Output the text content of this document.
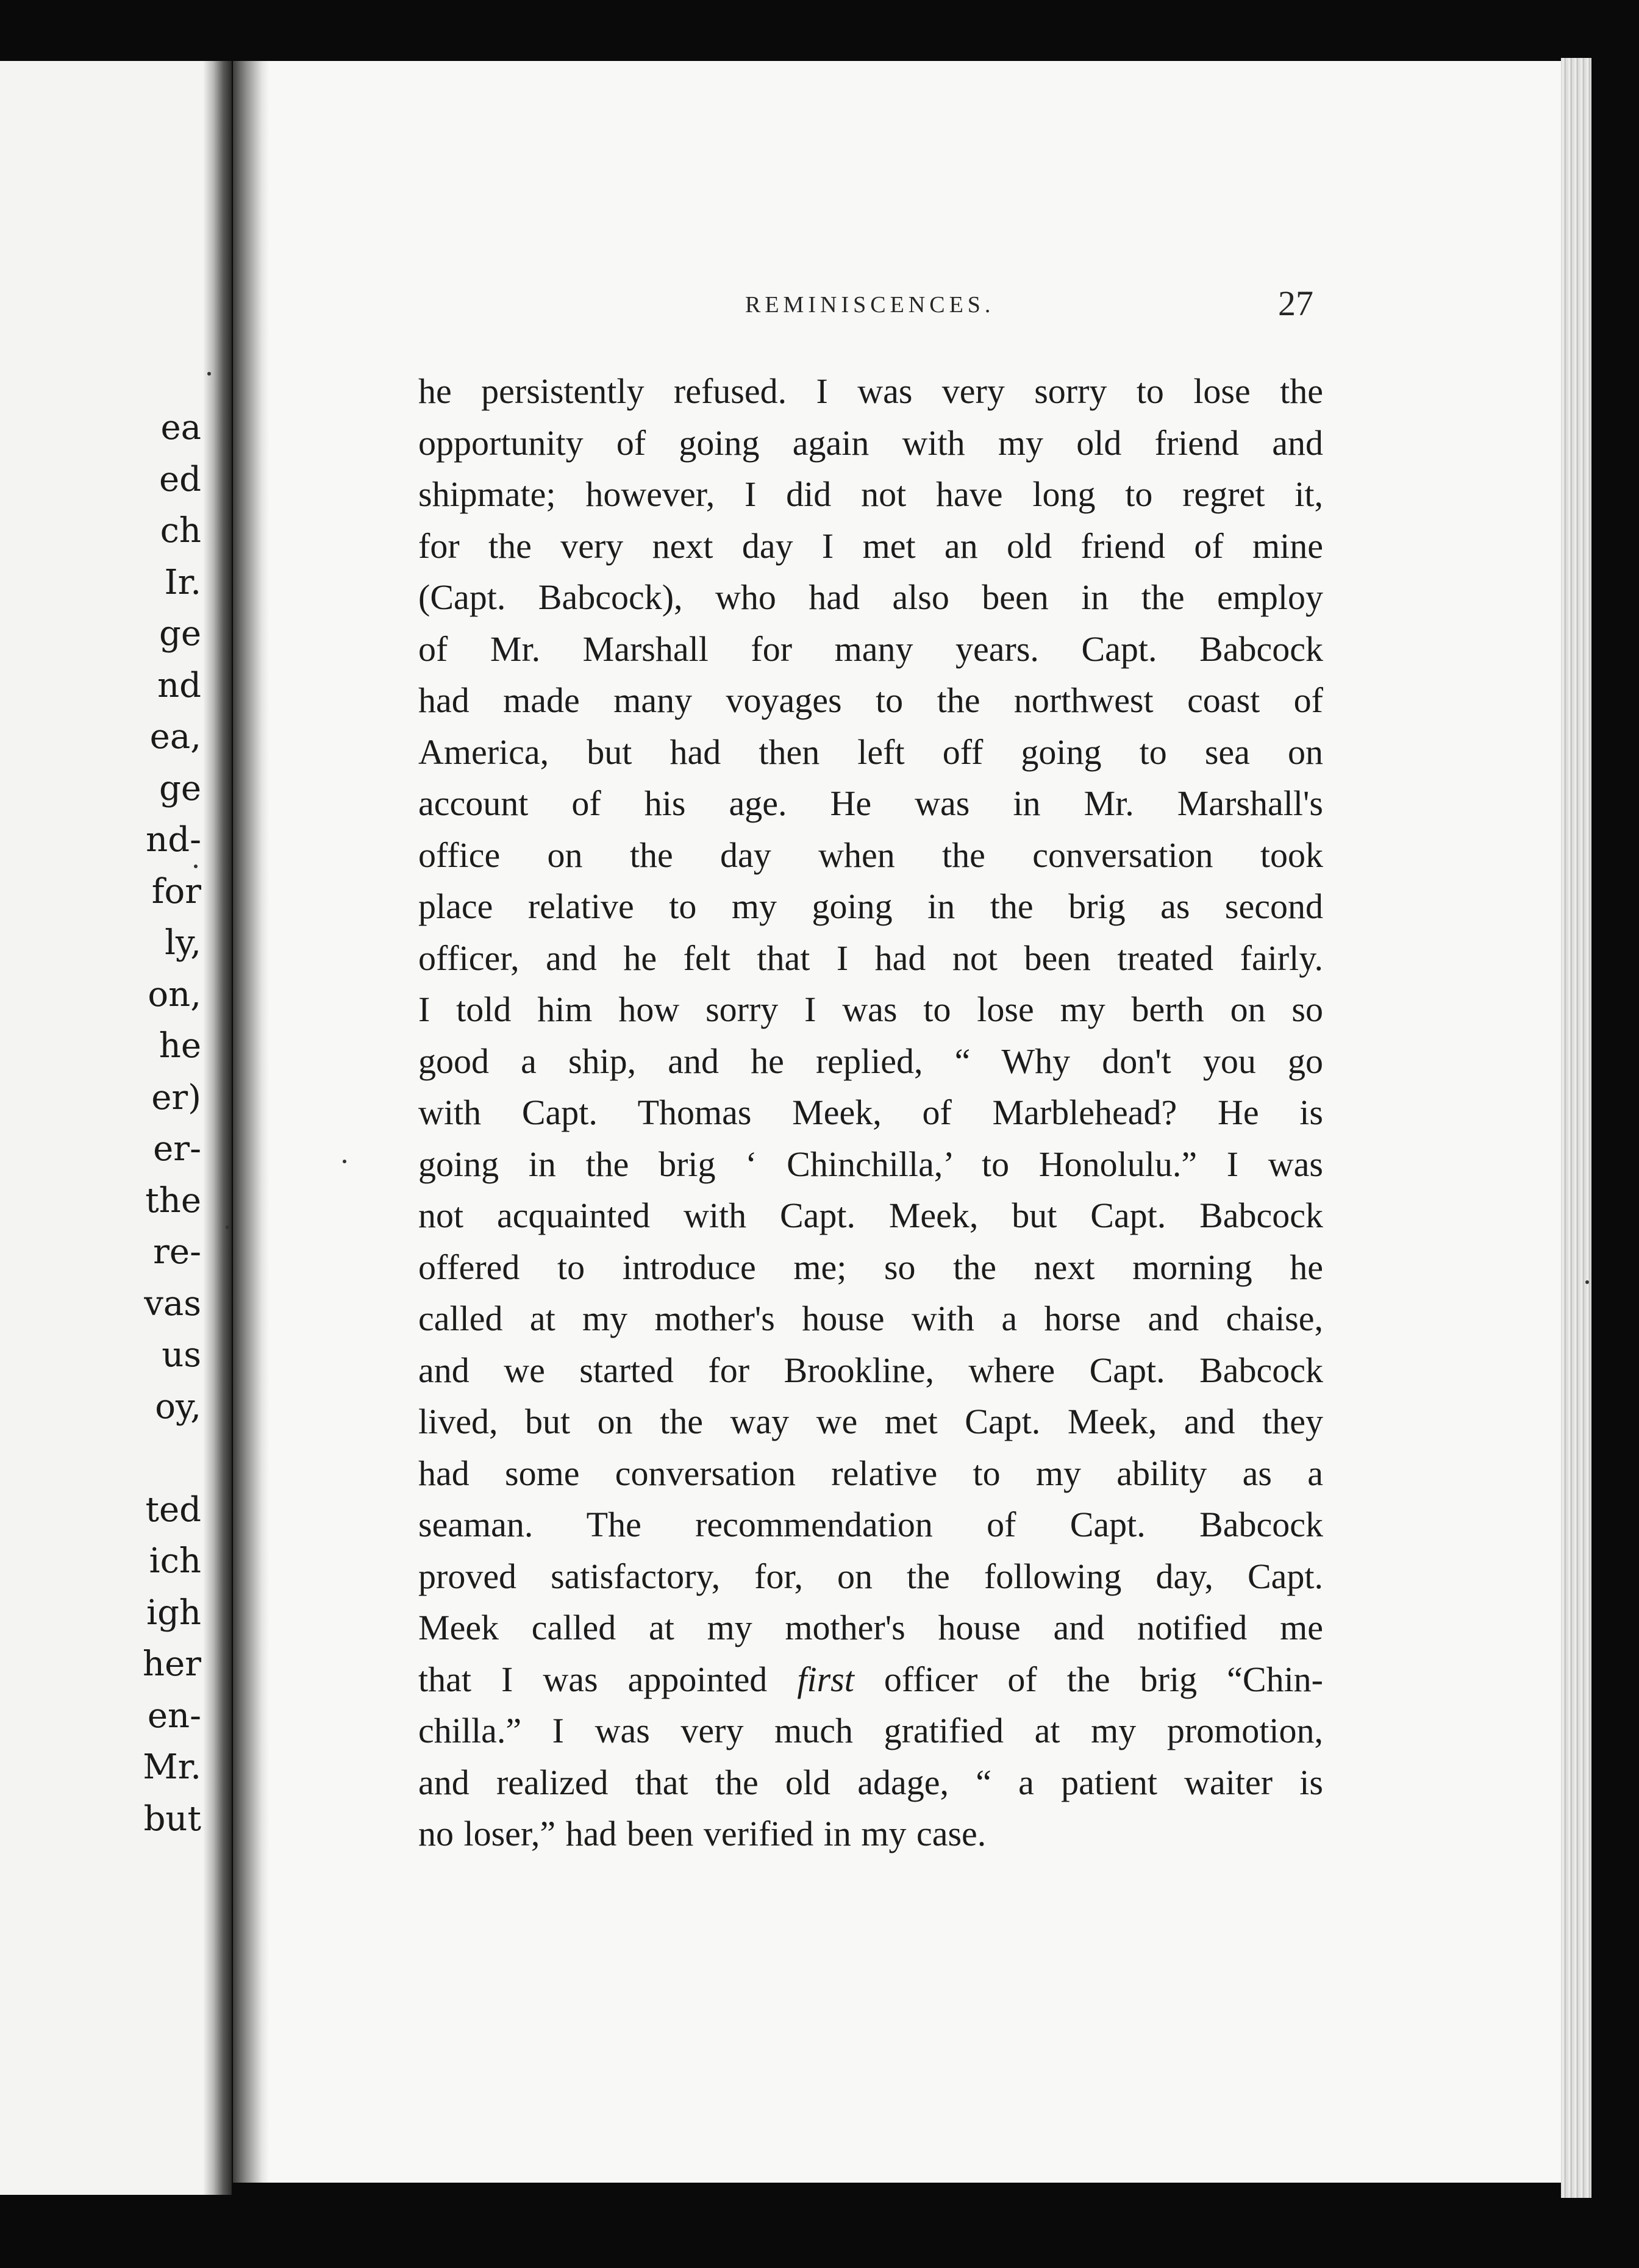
ea
ed
ch
Ir.
ge
nd
ea,
ge
nd-
for
ly,
on,
he
er)
er-
the
re-
vas
us
oy,
ted
ich
igh
her
en-
Mr.
but
REMINISCENCES.	27
he persistently refused. I was very sorry to lose the
opportunity of going again with my old friend and
shipmate; however, I did not have long to regret it,
for the very next day I met an old friend of mine
(Capt. Babcock), who had also been in the employ
of Mr. Marshall for many years. Capt. Babcock
had made many voyages to the northwest coast of
America, but had then left off going to sea on
account of his age. He was in Mr. Marshall's
office on the day when the conversation took
place relative to my going in the brig as second
officer, and he felt that I had not been treated fairly.
I told him how sorry I was to lose my berth on so
good a ship, and he replied, “ Why don't you go
with Capt. Thomas Meek, of Marblehead? He is
going in the brig ‘ Chinchilla,’ to Honolulu.” I was
not acquainted with Capt. Meek, but Capt. Babcock
offered to introduce me; so the next morning he
called at my mother's house with a horse and chaise,
and we started for Brookline, where Capt. Babcock
lived, but on the way we met Capt. Meek, and they
had some conversation relative to my ability as a
seaman. The recommendation of Capt. Babcock
proved satisfactory, for, on the following day, Capt.
Meek called at my mother's house and notified me
that I was appointed first officer of the brig “Chin-
chilla.” I was very much gratified at my promotion,
and realized that the old adage, “ a patient waiter is
no loser,” had been verified in my case.
